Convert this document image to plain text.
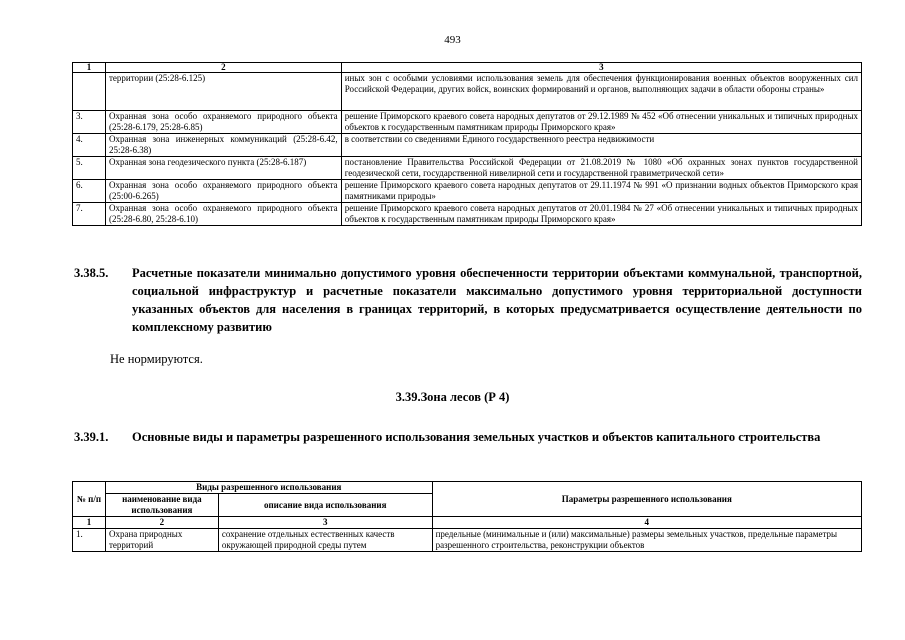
493
1	2	3
	территории (25:28-6.125)	иных зон с особыми условиями использования земель для обеспечения функционирования военных объектов вооруженных сил Российской Федерации, других войск, воинских формирований и органов, выполняющих задачи в области обороны страны»
3.	Охранная зона особо охраняемого природного объекта (25:28-6.179, 25:28-6.85)	решение Приморского краевого совета народных депутатов от 29.12.1989 № 452 «Об отнесении уникальных и типичных природных объектов к государственным памятникам природы Приморского края»
4.	Охранная зона инженерных коммуникаций (25:28-6.42, 25:28-6.38)	в соответствии со сведениями Единого государственного реестра недвижимости
5.	Охранная зона геодезического пункта (25:28-6.187)	постановление Правительства Российской Федерации от 21.08.2019 № 1080 «Об охранных зонах пунктов государственной геодезической сети, государственной нивелирной сети и государственной гравиметрической сети»
6.	Охранная зона особо охраняемого природного объекта (25:00-6.265)	решение Приморского краевого совета народных депутатов от 29.11.1974 № 991 «О признании водных объектов Приморского края памятниками природы»
7.	Охранная зона особо охраняемого природного объекта (25:28-6.80, 25:28-6.10)	решение Приморского краевого совета народных депутатов от 20.01.1984 № 27 «Об отнесении уникальных и типичных природных объектов к государственным памятникам природы Приморского края»
3.38.5. Расчетные показатели минимально допустимого уровня обеспеченности территории объектами коммунальной, транспортной, социальной инфраструктур и расчетные показатели максимально допустимого уровня территориальной доступности указанных объектов для населения в границах территорий, в которых предусматривается осуществление деятельности по комплексному развитию
Не нормируются.
3.39.Зона лесов (Р 4)
3.39.1. Основные виды и параметры разрешенного использования земельных участков и объектов капитального строительства
№ п/п	Виды разрешенного использования		Параметры разрешенного использования
	наименование вида использования	описание вида использования	
1	2	3	4
1.	Охрана природных территорий	сохранение отдельных естественных качеств окружающей природной среды путем	предельные (минимальные и (или) максимальные) размеры земельных участков, предельные параметры разрешенного строительства, реконструкции объектов
